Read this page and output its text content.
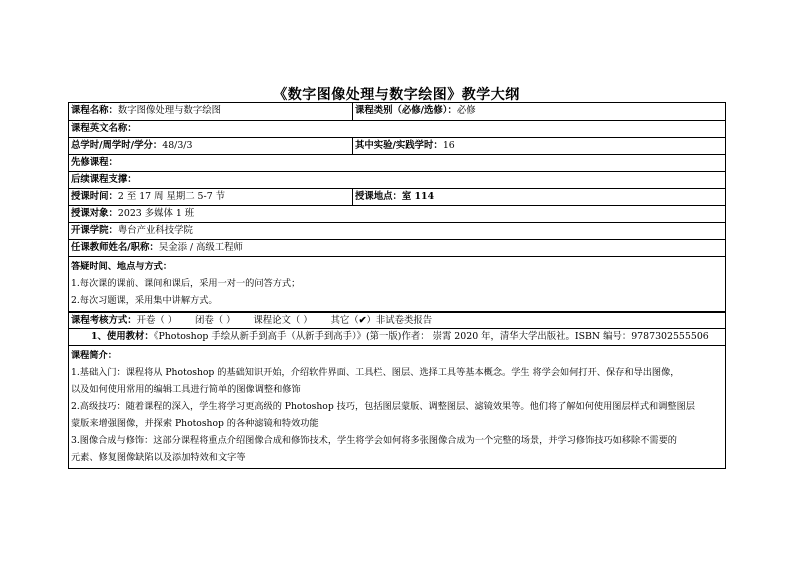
《数字图像处理与数字绘图》教学大纲
课程名称：数字图像处理与数字绘图	课程类别（必修/选修）：必修
课程英文名称：
总学时/周学时/学分：48/3/3	其中实验/实践学时：16
先修课程：
后续课程支撑：
授课时间：2 至 17 周 星期二 5-7 节	授课地点：室 114
授课对象：2023 多媒体 1 班
开课学院：粤台产业科技学院
任课教师姓名/职称：吴金添 / 高级工程师
答疑时间、地点与方式：
1.每次课的课前、课间和课后，采用一对一的问答方式；
2.每次习题课，采用集中讲解方式。
课程考核方式：开卷（ ） 闭卷（ ） 课程论文（ ） 其它（✔）非试卷类报告
1、使用教材：《Photoshop 手绘从新手到高手（从新手到高手）》(第一版)作者： 崇霄 2020 年，清华大学出版社。ISBN 编号：9787302555506
课程简介：
1.基础入门：课程将从 Photoshop 的基础知识开始，介绍软件界面、工具栏、图层、选择工具等基本概念。学生 将学会如何打开、保存和导出图像，
以及如何使用常用的编辑工具进行简单的图像调整和修饰
2.高级技巧：随着课程的深入，学生将学习更高级的 Photoshop 技巧，包括图层蒙版、调整图层、滤镜效果等。他们将了解如何使用图层样式和调整图层
蒙版来增强图像，并探索 Photoshop 的各种滤镜和特效功能
3.图像合成与修饰：这部分课程将重点介绍图像合成和修饰技术，学生将学会如何将多张图像合成为一个完整的场景，并学习修饰技巧如移除不需要的
元素、修复图像缺陷以及添加特效和文字等
